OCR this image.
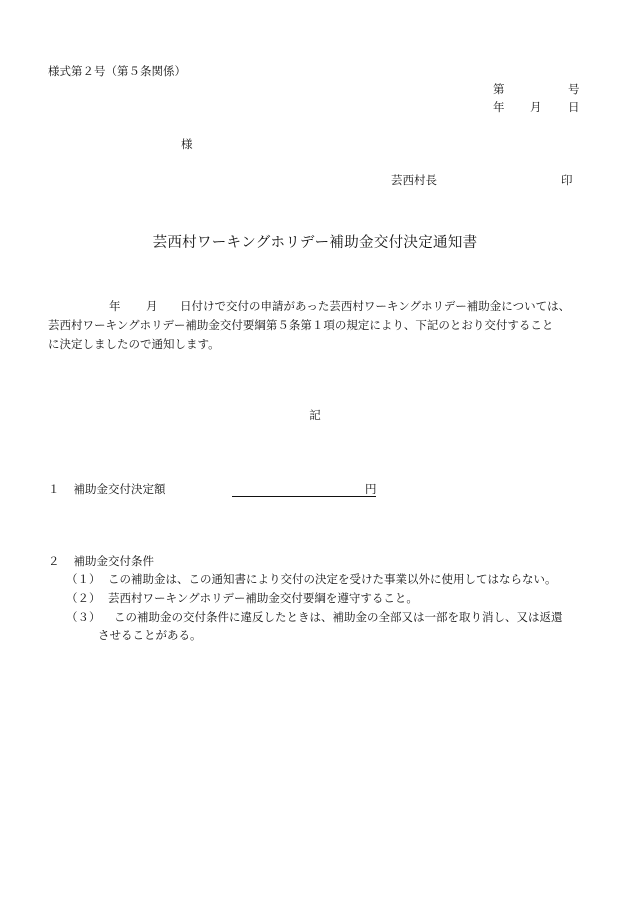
様式第２号（第５条関係）
第	号
年 月 日
様
芸西村長	印
芸西村ワーキングホリデー補助金交付決定通知書
年 月 日付けで交付の申請があった芸西村ワーキングホリデー補助金については、
芸西村ワーキングホリデー補助金交付要綱第５条第１項の規定により、下記のとおり交付すること
に決定しましたので通知します。
記
１ 補助金交付決定額	円
２ 補助金交付条件
（１） この補助金は、この通知書により交付の決定を受けた事業以外に使用してはならない。
（２） 芸西村ワーキングホリデー補助金交付要綱を遵守すること。
（３） この補助金の交付条件に違反したときは、補助金の全部又は一部を取り消し、又は返還
させることがある。
